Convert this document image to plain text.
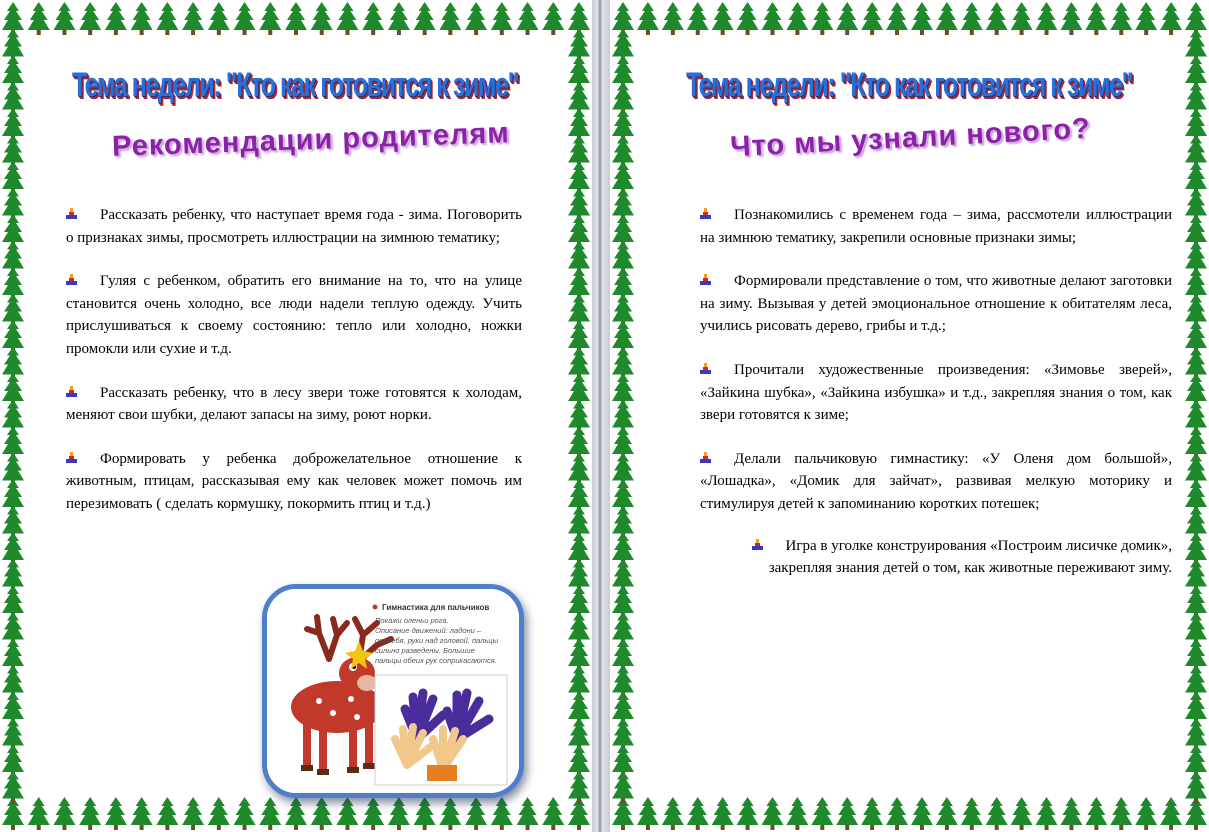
Тема недели: "Кто как готовится к зиме"
Рекомендации родителям
Рассказать ребенку, что наступает время года - зима. Поговорить о признаках зимы, просмотреть иллюстрации на зимнюю тематику;
Гуляя с ребенком, обратить его внимание на то, что на улице становится очень холодно, все люди надели теплую одежду. Учить прислушиваться к своему состоянию: тепло или холодно, ножки промокли или сухие и т.д.
Рассказать ребенку, что в лесу звери тоже готовятся к холодам, меняют свои шубки, делают запасы на зиму, роют норки.
Формировать у ребенка доброжелательное отношение к животным, птицам, рассказывая ему как человек может помочь им перезимовать ( сделать кормушку, покормить птиц и т.д.)
Гимнастика для пальчиков
Покажи оленьи рога. Описание движений: ладони – от себя, руки над головой, пальцы сильно разведены. Большие пальцы обеих рук соприкасаются.
Тема недели: "Кто как готовится к зиме"
Что мы узнали нового?
Познакомились с временем года – зима, рассмотели иллюстрации на зимнюю тематику, закрепили основные признаки зимы;
Формировали представление о том, что животные делают заготовки на зиму. Вызывая у детей эмоциональное отношение к обитателям леса, учились рисовать дерево, грибы и т.д.;
Прочитали художественные произведения: «Зимовье зверей», «Зайкина шубка», «Зайкина избушка» и т.д., закрепляя знания о том, как звери готовятся к зиме;
Делали пальчиковую гимнастику: «У Оленя дом большой», «Лошадка», «Домик для зайчат», развивая мелкую моторику и стимулируя детей к запоминанию коротких потешек;
Игра в уголке конструирования «Построим лисичке домик», закрепляя знания детей о том, как животные переживают зиму.
